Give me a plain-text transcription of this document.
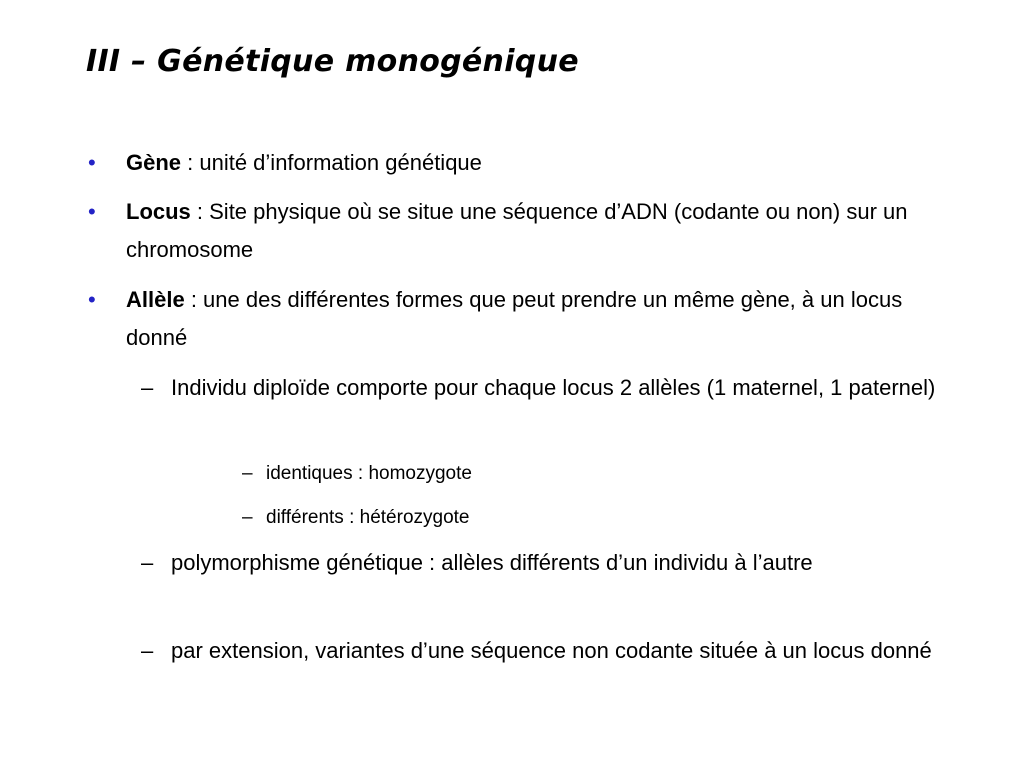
III – Génétique monogénique
• Gène : unité d’information génétique
• Locus : Site physique où se situe une séquence d’ADN (codante ou non) sur un chromosome
• Allèle : une des différentes formes que peut prendre un même gène, à un locus donné
– Individu diploïde comporte pour chaque locus 2 allèles (1 maternel, 1 paternel)
– identiques : homozygote
– différents : hétérozygote
– polymorphisme génétique : allèles différents d’un individu à l’autre
– par extension, variantes d’une séquence non codante située à un locus donné
